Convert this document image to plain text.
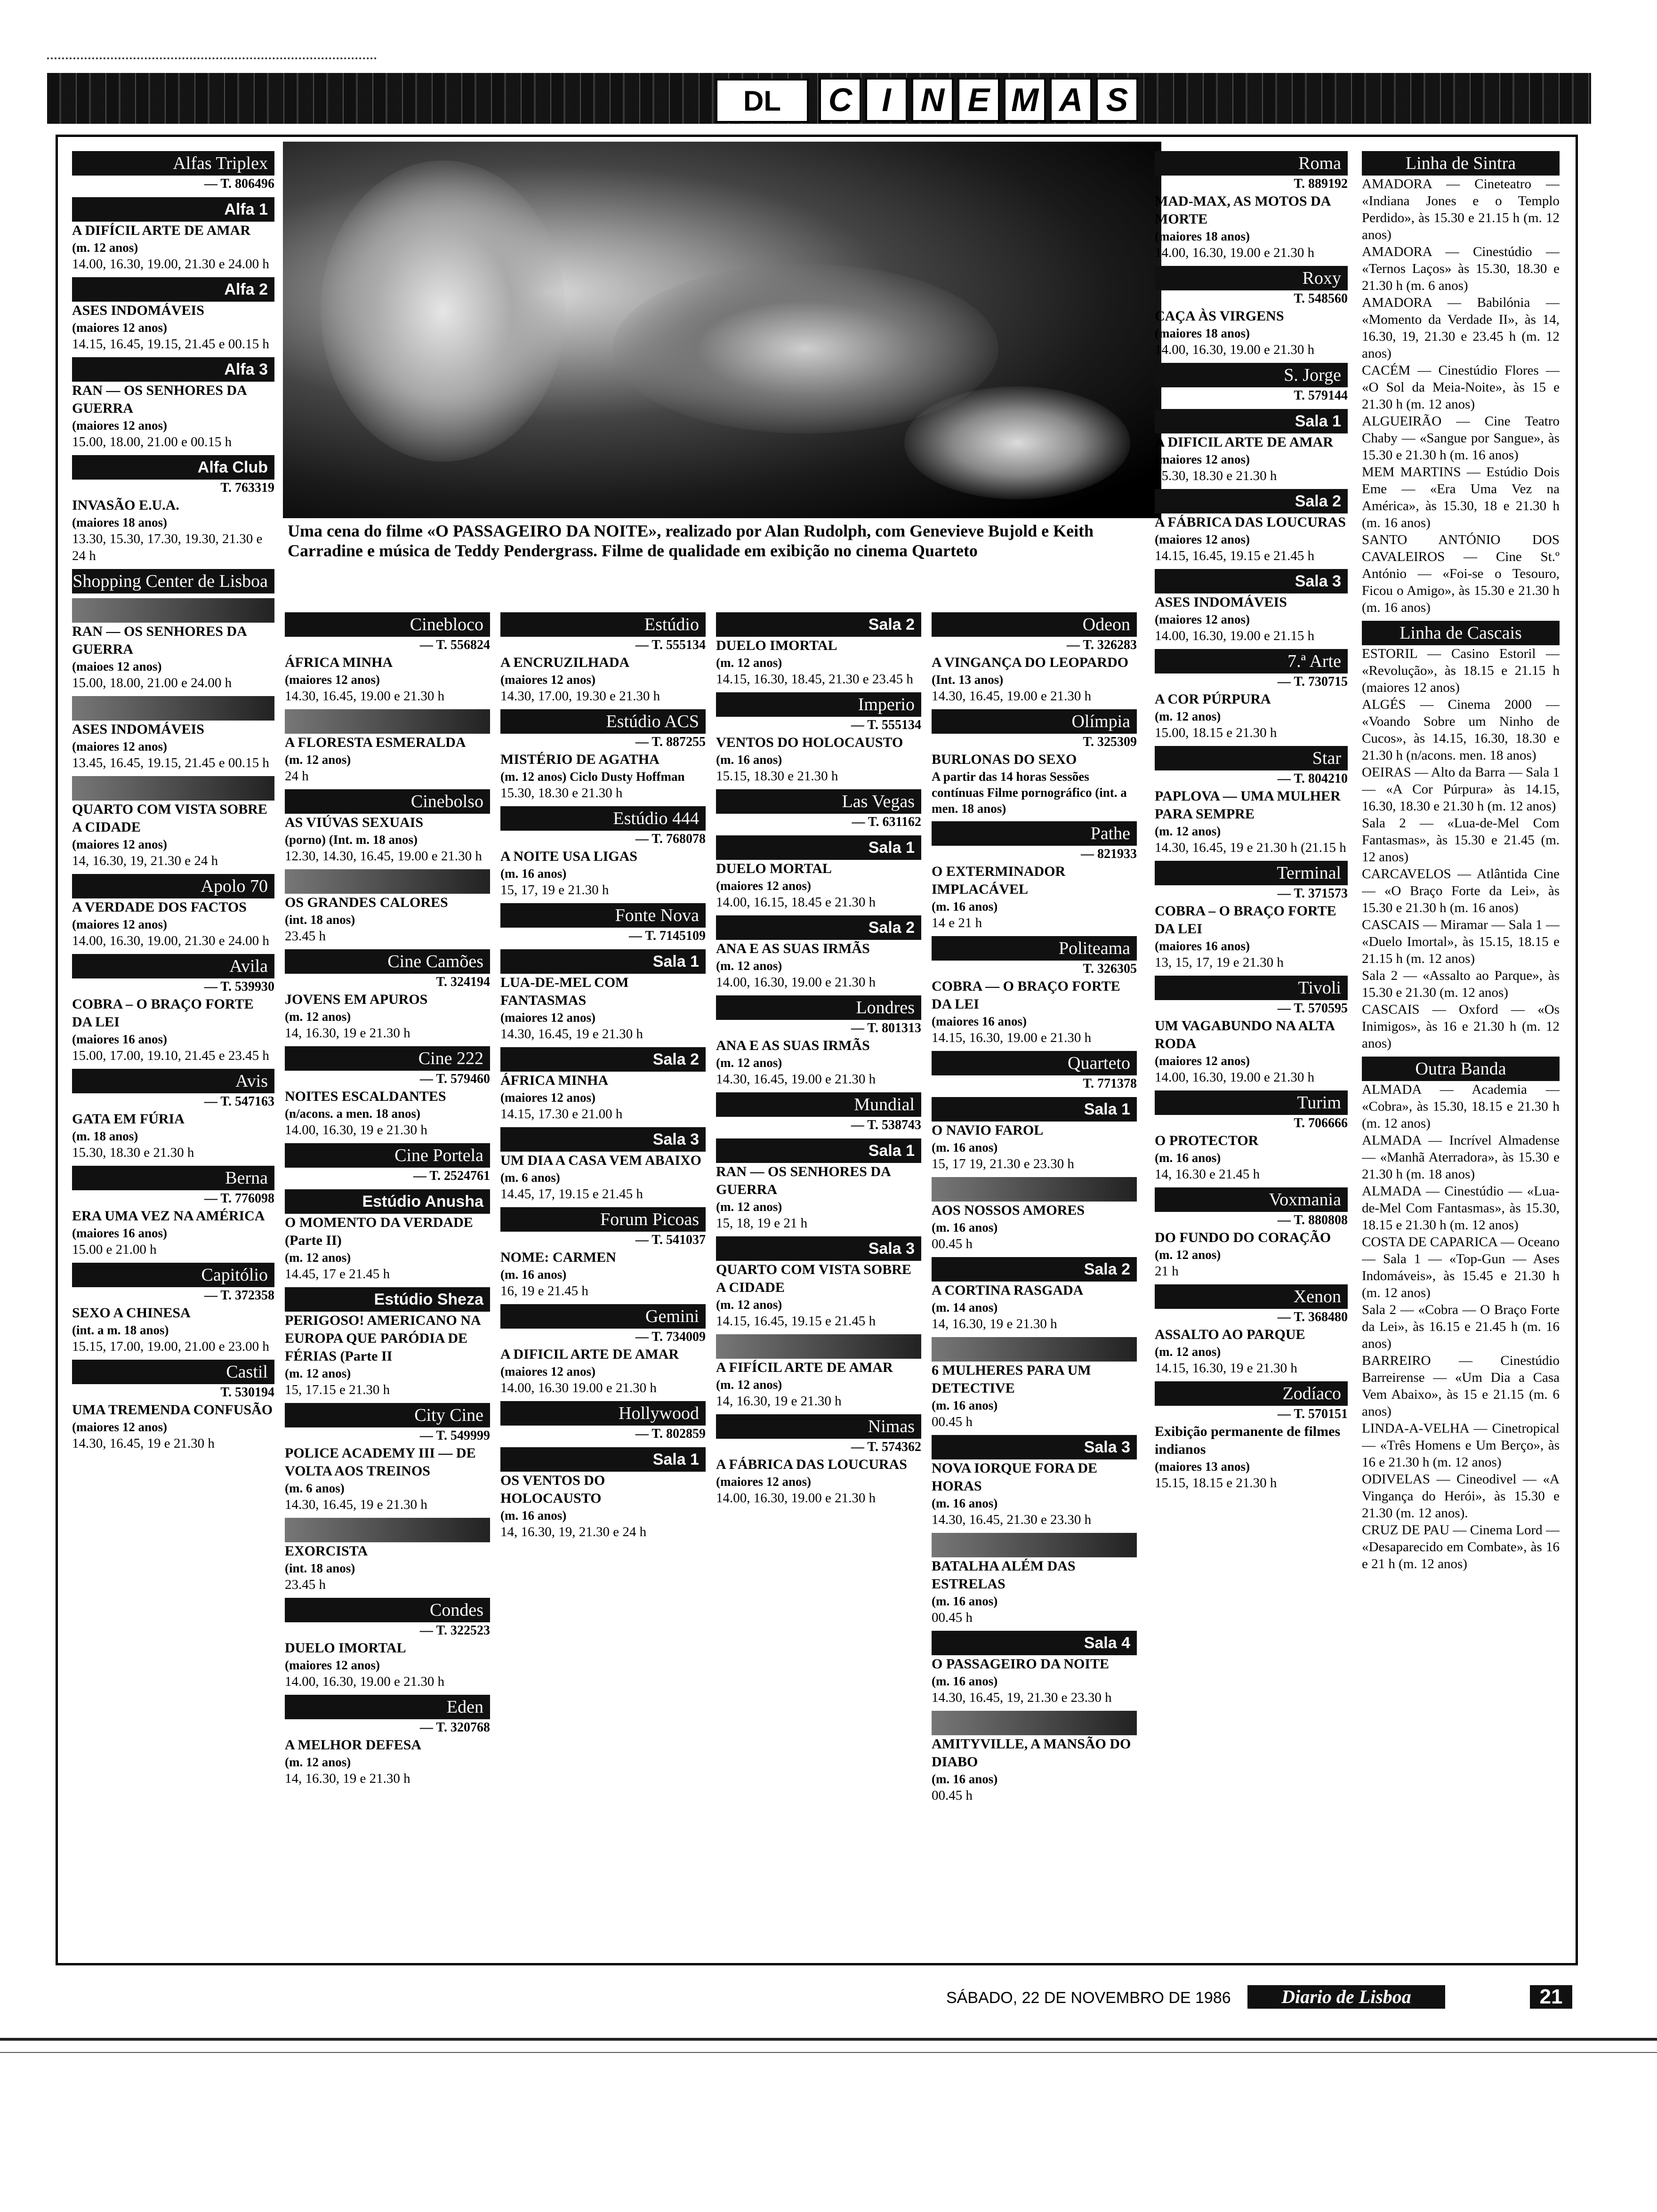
DL	C I N E M A S
Alfas Triplex
— T. 806496
Alfa 1
A DIFÍCIL ARTE DE AMAR
(m. 12 anos)
14.00, 16.30, 19.00, 21.30 e 24.00 h
Alfa 2
ASES INDOMÁVEIS
(maiores 12 anos)
14.15, 16.45, 19.15, 21.45 e 00.15 h
Alfa 3
RAN — OS SENHORES DA GUERRA
(maiores 12 anos)
15.00, 18.00, 21.00 e 00.15 h
Alfa Club
T. 763319
INVASÃO E.U.A.
(maiores 18 anos)
13.30, 15.30, 17.30, 19.30, 21.30 e 24 h
Shopping Center de Lisboa

RAN — OS SENHORES DA GUERRA
(maioes 12 anos)
15.00, 18.00, 21.00 e 24.00 h

ASES INDOMÁVEIS
(maiores 12 anos)
13.45, 16.45, 19.15, 21.45 e 00.15 h

QUARTO COM VISTA SOBRE A CIDADE
(maiores 12 anos)
14, 16.30, 19, 21.30 e 24 h
Apolo 70
A VERDADE DOS FACTOS
(maiores 12 anos)
14.00, 16.30, 19.00, 21.30 e 24.00 h
Avila
— T. 539930
COBRA – O BRAÇO FORTE DA LEI
(maiores 16 anos)
15.00, 17.00, 19.10, 21.45 e 23.45 h
Avis
— T. 547163
GATA EM FÚRIA
(m. 18 anos)
15.30, 18.30 e 21.30 h
Berna
— T. 776098
ERA UMA VEZ NA AMÉRICA
(maiores 16 anos)
15.00 e 21.00 h
Capitólio
— T. 372358
SEXO A CHINESA
(int. a m. 18 anos)
15.15, 17.00, 19.00, 21.00 e 23.00 h
Castil
T. 530194
UMA TREMENDA CONFUSÃO
(maiores 12 anos)
14.30, 16.45, 19 e 21.30 h
Uma cena do filme «O PASSAGEIRO DA NOITE», realizado por Alan Rudolph, com Genevieve Bujold e Keith Carradine e música de Teddy Pendergrass. Filme de qualidade em exibição no cinema Quarteto
Cinebloco
— T. 556824
ÁFRICA MINHA
(maiores 12 anos)
14.30, 16.45, 19.00 e 21.30 h

A FLORESTA ESMERALDA
(m. 12 anos)
24 h
Cinebolso
AS VIÚVAS SEXUAIS
(porno) (Int. m. 18 anos)
12.30, 14.30, 16.45, 19.00 e 21.30 h

OS GRANDES CALORES
(int. 18 anos)
23.45 h
Cine Camões
T. 324194
JOVENS EM APUROS
(m. 12 anos)
14, 16.30, 19 e 21.30 h
Cine 222
— T. 579460
NOITES ESCALDANTES
(n/acons. a men. 18 anos)
14.00, 16.30, 19 e 21.30 h
Cine Portela
— T. 2524761
Estúdio Anusha
O MOMENTO DA VERDADE (Parte II)
(m. 12 anos)
14.45, 17 e 21.45 h
Estúdio Sheza
PERIGOSO! AMERICANO NA EUROPA QUE PARÓDIA DE FÉRIAS (Parte II
(m. 12 anos)
15, 17.15 e 21.30 h
City Cine
— T. 549999
POLICE ACADEMY III — DE VOLTA AOS TREINOS
(m. 6 anos)
14.30, 16.45, 19 e 21.30 h

EXORCISTA
(int. 18 anos)
23.45 h
Condes
— T. 322523
DUELO IMORTAL
(maiores 12 anos)
14.00, 16.30, 19.00 e 21.30 h
Eden
— T. 320768
A MELHOR DEFESA
(m. 12 anos)
14, 16.30, 19 e 21.30 h
Estúdio
— T. 555134
A ENCRUZILHADA
(maiores 12 anos)
14.30, 17.00, 19.30 e 21.30 h
Estúdio ACS
— T. 887255
MISTÉRIO DE AGATHA
(m. 12 anos) Ciclo Dusty Hoffman
15.30, 18.30 e 21.30 h
Estúdio 444
— T. 768078
A NOITE USA LIGAS
(m. 16 anos)
15, 17, 19 e 21.30 h
Fonte Nova
— T. 7145109
Sala 1
LUA-DE-MEL COM FANTASMAS
(maiores 12 anos)
14.30, 16.45, 19 e 21.30 h
Sala 2
ÁFRICA MINHA
(maiores 12 anos)
14.15, 17.30 e 21.00 h
Sala 3
UM DIA A CASA VEM ABAIXO
(m. 6 anos)
14.45, 17, 19.15 e 21.45 h
Forum Picoas
— T. 541037
NOME: CARMEN
(m. 16 anos)
16, 19 e 21.45 h
Gemini
— T. 734009
A DIFICIL ARTE DE AMAR
(maiores 12 anos)
14.00, 16.30 19.00 e 21.30 h
Hollywood
— T. 802859
Sala 1
OS VENTOS DO HOLOCAUSTO
(m. 16 anos)
14, 16.30, 19, 21.30 e 24 h
Sala 2
DUELO IMORTAL
(m. 12 anos)
14.15, 16.30, 18.45, 21.30 e 23.45 h
Imperio
— T. 555134
VENTOS DO HOLOCAUSTO
(m. 16 anos)
15.15, 18.30 e 21.30 h
Las Vegas
— T. 631162
Sala 1
DUELO MORTAL
(maiores 12 anos)
14.00, 16.15, 18.45 e 21.30 h
Sala 2
ANA E AS SUAS IRMÃS
(m. 12 anos)
14.00, 16.30, 19.00 e 21.30 h
Londres
— T. 801313
ANA E AS SUAS IRMÃS
(m. 12 anos)
14.30, 16.45, 19.00 e 21.30 h
Mundial
— T. 538743
Sala 1
RAN — OS SENHORES DA GUERRA
(m. 12 anos)
15, 18, 19 e 21 h
Sala 3
QUARTO COM VISTA SOBRE A CIDADE
(m. 12 anos)
14.15, 16.45, 19.15 e 21.45 h

A FIFÍCIL ARTE DE AMAR
(m. 12 anos)
14, 16.30, 19 e 21.30 h
Nimas
— T. 574362
A FÁBRICA DAS LOUCURAS
(maiores 12 anos)
14.00, 16.30, 19.00 e 21.30 h
Odeon
— T. 326283
A VINGANÇA DO LEOPARDO
(Int. 13 anos)
14.30, 16.45, 19.00 e 21.30 h
Olímpia
T. 325309
BURLONAS DO SEXO
A partir das 14 horas Sessões contínuas Filme pornográfico (int. a men. 18 anos)
Pathe
— 821933
O EXTERMINADOR IMPLACÁVEL
(m. 16 anos)
14 e 21 h
Politeama
T. 326305
COBRA — O BRAÇO FORTE DA LEI
(maiores 16 anos)
14.15, 16.30, 19.00 e 21.30 h
Quarteto
T. 771378
Sala 1
O NAVIO FAROL
(m. 16 anos)
15, 17 19, 21.30 e 23.30 h

AOS NOSSOS AMORES
(m. 16 anos)
00.45 h
Sala 2
A CORTINA RASGADA
(m. 14 anos)
14, 16.30, 19 e 21.30 h

6 MULHERES PARA UM DETECTIVE
(m. 16 anos)
00.45 h
Sala 3
NOVA IORQUE FORA DE HORAS
(m. 16 anos)
14.30, 16.45, 21.30 e 23.30 h

BATALHA ALÉM DAS ESTRELAS
(m. 16 anos)
00.45 h
Sala 4
O PASSAGEIRO DA NOITE
(m. 16 anos)
14.30, 16.45, 19, 21.30 e 23.30 h

AMITYVILLE, A MANSÃO DO DIABO
(m. 16 anos)
00.45 h
Roma
T. 889192
MAD-MAX, AS MOTOS DA MORTE
(maiores 18 anos)
14.00, 16.30, 19.00 e 21.30 h
Roxy
T. 548560
CAÇA ÀS VIRGENS
(maiores 18 anos)
14.00, 16.30, 19.00 e 21.30 h
S. Jorge
T. 579144
Sala 1
A DIFICIL ARTE DE AMAR
(maiores 12 anos)
15.30, 18.30 e 21.30 h
Sala 2
A FÁBRICA DAS LOUCURAS
(maiores 12 anos)
14.15, 16.45, 19.15 e 21.45 h
Sala 3
ASES INDOMÁVEIS
(maiores 12 anos)
14.00, 16.30, 19.00 e 21.15 h
7.ª Arte
— T. 730715
A COR PÚRPURA
(m. 12 anos)
15.00, 18.15 e 21.30 h
Star
— T. 804210
PAPLOVA — UMA MULHER PARA SEMPRE
(m. 12 anos)
14.30, 16.45, 19 e 21.30 h (21.15 h
Terminal
— T. 371573
COBRA – O BRAÇO FORTE DA LEI
(maiores 16 anos)
13, 15, 17, 19 e 21.30 h
Tivoli
— T. 570595
UM VAGABUNDO NA ALTA RODA
(maiores 12 anos)
14.00, 16.30, 19.00 e 21.30 h
Turim
T. 706666
O PROTECTOR
(m. 16 anos)
14, 16.30 e 21.45 h
Voxmania
— T. 880808
DO FUNDO DO CORAÇÃO
(m. 12 anos)
21 h
Xenon
— T. 368480
ASSALTO AO PARQUE
(m. 12 anos)
14.15, 16.30, 19 e 21.30 h
Zodíaco
— T. 570151
Exibição permanente de filmes indianos
(maiores 13 anos)
15.15, 18.15 e 21.30 h
Linha de Sintra

AMADORA — Cineteatro — «Indiana Jones e o Templo Perdido», às 15.30 e 21.15 h (m. 12 anos)

AMADORA — Cinestúdio — «Ternos Laços» às 15.30, 18.30 e 21.30 h (m. 6 anos)

AMADORA — Babilónia — «Momento da Verdade II», às 14, 16.30, 19, 21.30 e 23.45 h (m. 12 anos)

CACÉM — Cinestúdio Flores — «O Sol da Meia-Noite», às 15 e 21.30 h (m. 12 anos)

ALGUEIRÃO — Cine Teatro Chaby — «Sangue por Sangue», às 15.30 e 21.30 h (m. 16 anos)

MEM MARTINS — Estúdio Dois Eme — «Era Uma Vez na América», às 15.30, 18 e 21.30 h (m. 16 anos)

SANTO ANTÓNIO DOS CAVALEIROS — Cine St.º António — «Foi-se o Tesouro, Ficou o Amigo», às 15.30 e 21.30 h (m. 16 anos)

Linha de Cascais

ESTORIL — Casino Estoril — «Revolução», às 18.15 e 21.15 h (maiores 12 anos)

ALGÉS — Cinema 2000 — «Voando Sobre um Ninho de Cucos», às 14.15, 16.30, 18.30 e 21.30 h (n/acons. men. 18 anos)

OEIRAS — Alto da Barra — Sala 1 — «A Cor Púrpura» às 14.15, 16.30, 18.30 e 21.30 h (m. 12 anos)

Sala 2 — «Lua-de-Mel Com Fantasmas», às 15.30 e 21.45 (m. 12 anos)

CARCAVELOS — Atlântida Cine — «O Braço Forte da Lei», às 15.30 e 21.30 h (m. 16 anos)

CASCAIS — Miramar — Sala 1 — «Duelo Imortal», às 15.15, 18.15 e 21.15 h (m. 12 anos)

Sala 2 — «Assalto ao Parque», às 15.30 e 21.30 (m. 12 anos)

CASCAIS — Oxford — «Os Inimigos», às 16 e 21.30 h (m. 12 anos)

Outra Banda

ALMADA — Academia — «Cobra», às 15.30, 18.15 e 21.30 h (m. 12 anos)

ALMADA — Incrível Almadense — «Manhã Aterradora», às 15.30 e 21.30 h (m. 18 anos)

ALMADA — Cinestúdio — «Lua-de-Mel Com Fantasmas», às 15.30, 18.15 e 21.30 h (m. 12 anos)

COSTA DE CAPARICA — Oceano — Sala 1 — «Top-Gun — Ases Indomáveis», às 15.45 e 21.30 h (m. 12 anos)

Sala 2 — «Cobra — O Braço Forte da Lei», às 16.15 e 21.45 h (m. 16 anos)

BARREIRO — Cinestúdio Barreirense — «Um Dia a Casa Vem Abaixo», às 15 e 21.15 (m. 6 anos)

LINDA-A-VELHA — Cinetropical — «Três Homens e Um Berço», às 16 e 21.30 h (m. 12 anos)

ODIVELAS — Cineodivel — «A Vingança do Herói», às 15.30 e 21.30 (m. 12 anos).

CRUZ DE PAU — Cinema Lord — «Desaparecido em Combate», às 16 e 21 h (m. 12 anos)

SÁBADO, 22 DE NOVEMBRO DE 1986	Diario de Lisboa	21
